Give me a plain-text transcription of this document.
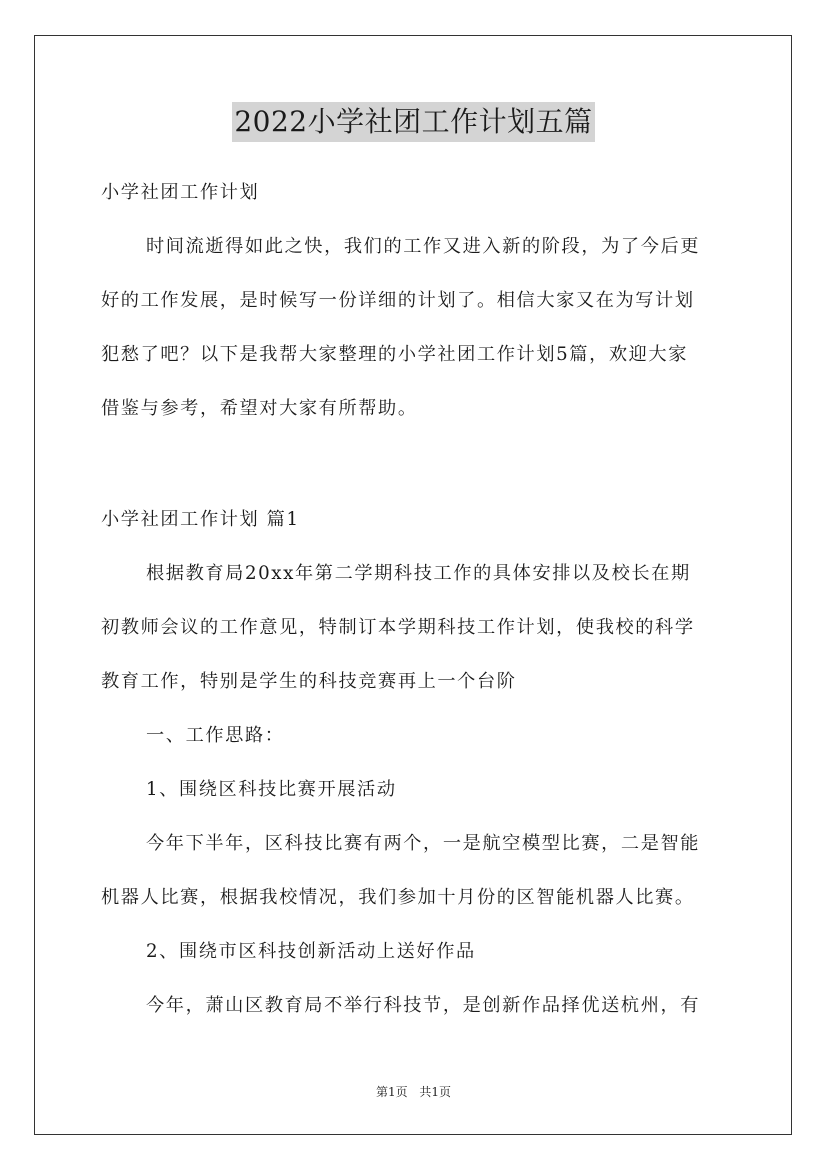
2022小学社团工作计划五篇
小学社团工作计划
时间流逝得如此之快，我们的工作又进入新的阶段，为了今后更
好的工作发展，是时候写一份详细的计划了。相信大家又在为写计划
犯愁了吧？以下是我帮大家整理的小学社团工作计划5篇，欢迎大家
借鉴与参考，希望对大家有所帮助。
小学社团工作计划 篇1
根据教育局20xx年第二学期科技工作的具体安排以及校长在期
初教师会议的工作意见，特制订本学期科技工作计划，使我校的科学
教育工作，特别是学生的科技竞赛再上一个台阶
一、工作思路：
1、围绕区科技比赛开展活动
今年下半年，区科技比赛有两个，一是航空模型比赛，二是智能
机器人比赛，根据我校情况，我们参加十月份的区智能机器人比赛。
2、围绕市区科技创新活动上送好作品
今年，萧山区教育局不举行科技节，是创新作品择优送杭州，有
第1页 共1页
